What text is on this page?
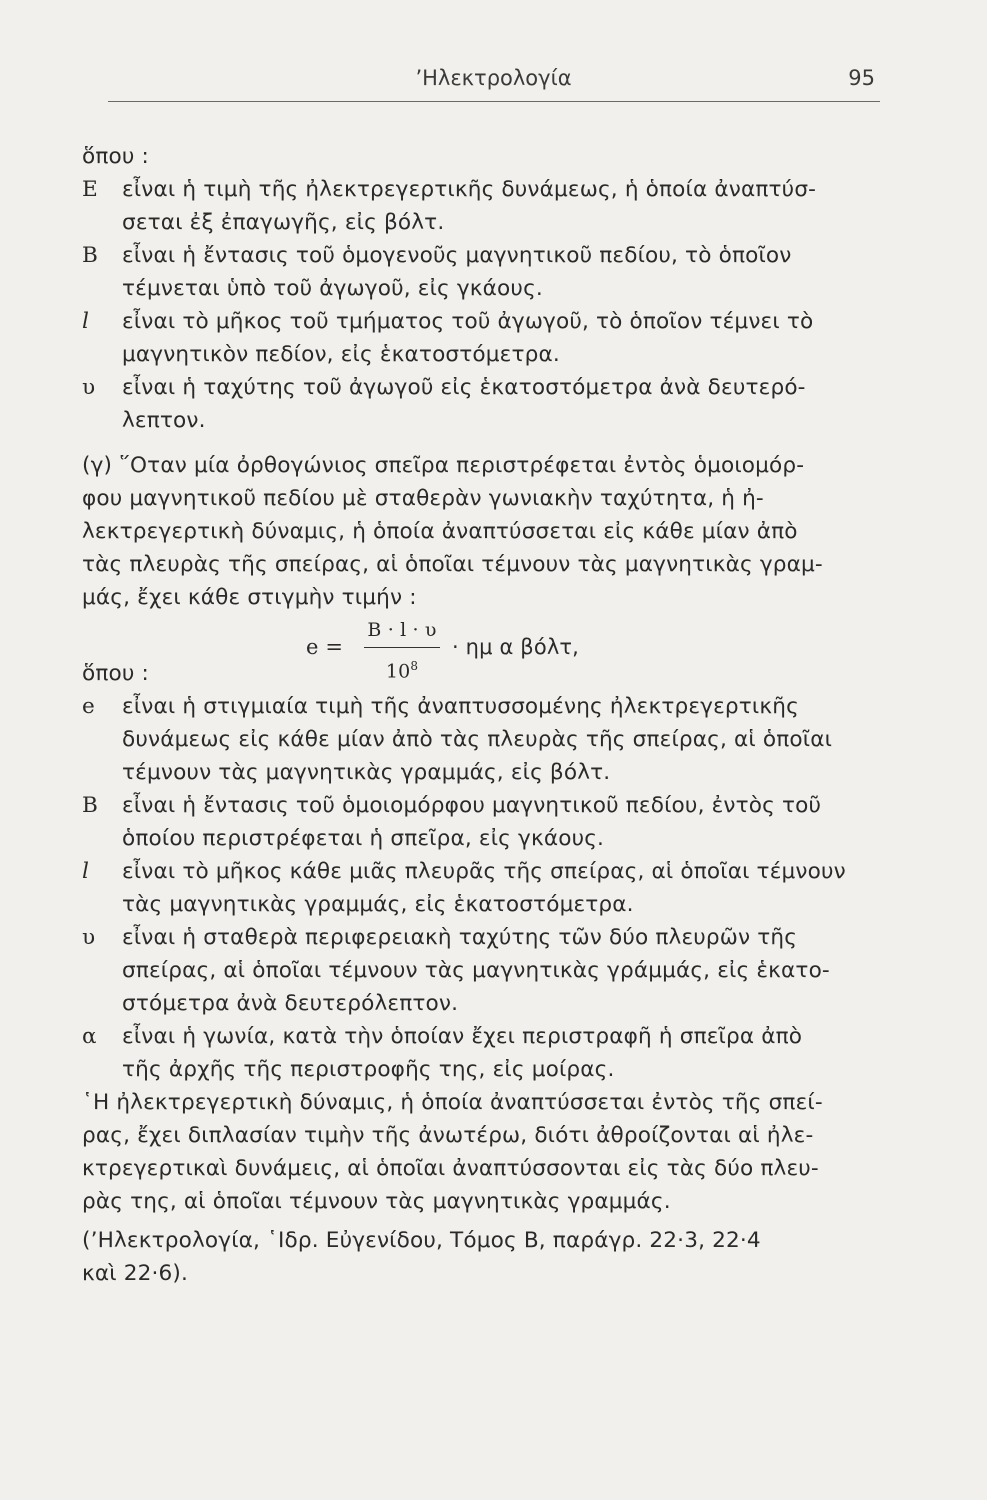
’Ηλεκτρολογία	95
ὅπου :
E εἶναι ἡ τιμὴ τῆς ἠλεκτρεγερτικῆς δυνάμεως, ἡ ὁποία ἀναπτύσ-
σεται ἐξ ἐπαγωγῆς, εἰς βόλτ.
B εἶναι ἡ ἔντασις τοῦ ὁμογενοῦς μαγνητικοῦ πεδίου, τὸ ὁποῖον
τέμνεται ὑπὸ τοῦ ἀγωγοῦ, εἰς γκάους.
l εἶναι τὸ μῆκος τοῦ τμήματος τοῦ ἀγωγοῦ, τὸ ὁποῖον τέμνει τὸ
μαγνητικὸν πεδίον, εἰς ἑκατοστόμετρα.
υ εἶναι ἡ ταχύτης τοῦ ἀγωγοῦ εἰς ἑκατοστόμετρα ἀνὰ δευτερό-
λεπτον.
(γ) ῞Οταν μία ὀρθογώνιος σπεῖρα περιστρέφεται ἐντὸς ὁμοιομόρ-
φου μαγνητικοῦ πεδίου μὲ σταθερὰν γωνιακὴν ταχύτητα, ἡ ἠ-
λεκτρεγερτικὴ δύναμις, ἡ ὁποία ἀναπτύσσεται εἰς κάθε μίαν ἀπὸ
τὰς πλευρὰς τῆς σπείρας, αἱ ὁποῖαι τέμνουν τὰς μαγνητικὰς γραμ-
μάς, ἔχει κάθε στιγμὴν τιμήν :
e =
B · l · υ
$10^8$
· ημ α βόλτ,
ὅπου :
e εἶναι ἡ στιγμιαία τιμὴ τῆς ἀναπτυσσομένης ἠλεκτρεγερτικῆς
δυνάμεως εἰς κάθε μίαν ἀπὸ τὰς πλευρὰς τῆς σπείρας, αἱ ὁποῖαι
τέμνουν τὰς μαγνητικὰς γραμμάς, εἰς βόλτ.
B εἶναι ἡ ἔντασις τοῦ ὁμοιομόρφου μαγνητικοῦ πεδίου, ἐντὸς τοῦ
ὁποίου περιστρέφεται ἡ σπεῖρα, εἰς γκάους.
l εἶναι τὸ μῆκος κάθε μιᾶς πλευρᾶς τῆς σπείρας, αἱ ὁποῖαι τέμνουν
τὰς μαγνητικὰς γραμμάς, εἰς ἑκατοστόμετρα.
υ εἶναι ἡ σταθερὰ περιφερειακὴ ταχύτης τῶν δύο πλευρῶν τῆς
σπείρας, αἱ ὁποῖαι τέμνουν τὰς μαγνητικὰς γράμμάς, εἰς ἑκατο-
στόμετρα ἀνὰ δευτερόλεπτον.
α εἶναι ἡ γωνία, κατὰ τὴν ὁποίαν ἔχει περιστραφῆ ἡ σπεῖρα ἀπὸ
τῆς ἀρχῆς τῆς περιστροφῆς της, εἰς μοίρας.
῾Η ἠλεκτρεγερτικὴ δύναμις, ἡ ὁποία ἀναπτύσσεται ἐντὸς τῆς σπεί-
ρας, ἔχει διπλασίαν τιμὴν τῆς ἀνωτέρω, διότι ἀθροίζονται αἱ ἠλε-
κτρεγερτικαὶ δυνάμεις, αἱ ὁποῖαι ἀναπτύσσονται εἰς τὰς δύο πλευ-
ρὰς της, αἱ ὁποῖαι τέμνουν τὰς μαγνητικὰς γραμμάς.
(’Ηλεκτρολογία, ῾Ιδρ. Εὐγενίδου, Τόμος Β, παράγρ. 22·3, 22·4
καὶ 22·6).
